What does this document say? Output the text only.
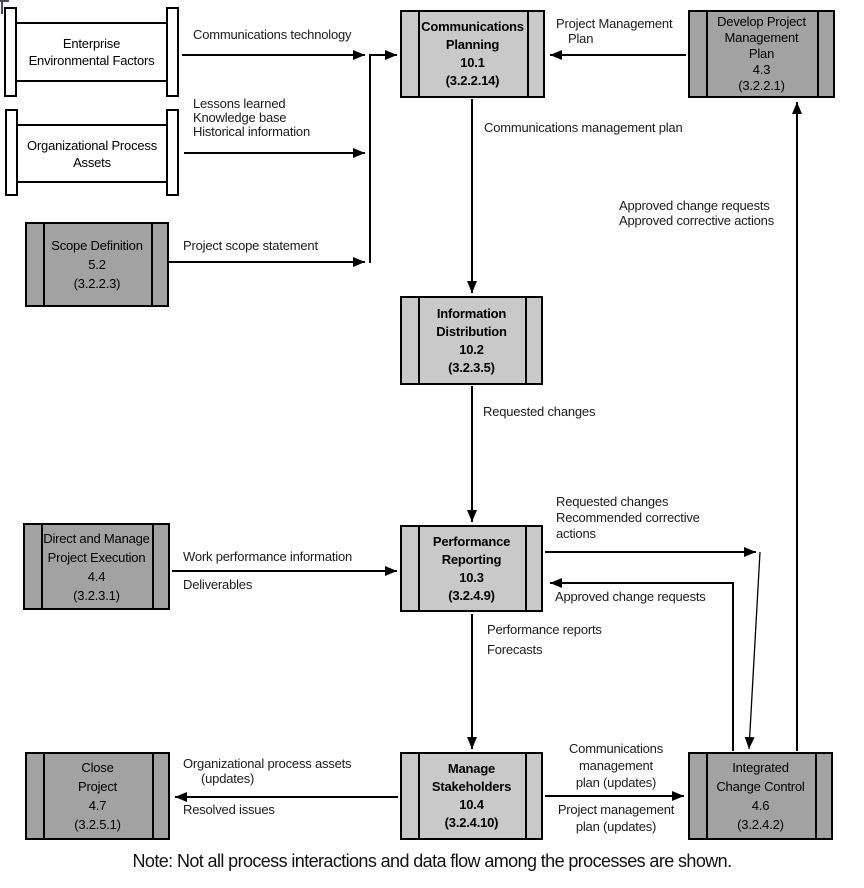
Enterprise
Environmental Factors
Organizational Process
Assets
Scope Definition
5.2
(3.2.2.3)
Communications
Planning
10.1
(3.2.2.14)
Develop Project
Management
Plan
4.3
(3.2.2.1)
Information
Distribution
10.2
(3.2.3.5)
Direct and Manage
Project Execution
4.4
(3.2.3.1)
Performance
Reporting
10.3
(3.2.4.9)
Close
Project
4.7
(3.2.5.1)
Manage
Stakeholders
10.4
(3.2.4.10)
Integrated
Change Control
4.6
(3.2.4.2)
Communications technology
Lessons learned
Knowledge base
Historical information
Project scope statement
Project Management
Plan
Communications management plan
Approved change requests
Approved corrective actions
Requested changes
Requested changes
Recommended corrective
actions
Work performance information
Deliverables
Approved change requests
Performance reports
Forecasts
Organizational process assets
(updates)
Resolved issues
Communications
management
plan (updates)
Project management
plan (updates)
Note: Not all process interactions and data flow among the processes are shown.
